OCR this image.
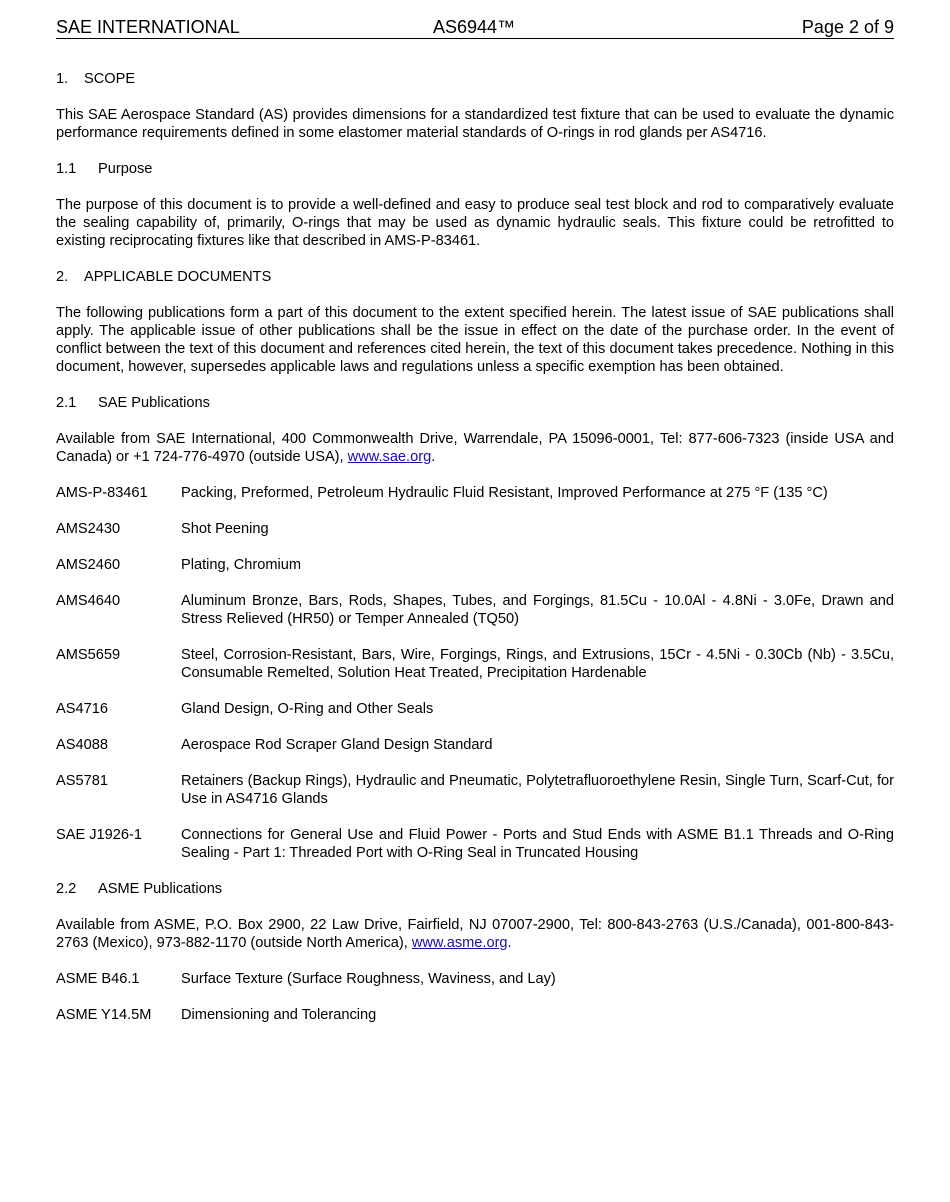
SAE INTERNATIONAL	AS6944™	Page 2 of 9
1. SCOPE

This SAE Aerospace Standard (AS) provides dimensions for a standardized test fixture that can be used to evaluate the dynamic performance requirements defined in some elastomer material standards of O-rings in rod glands per AS4716.

1.1 Purpose

The purpose of this document is to provide a well-defined and easy to produce seal test block and rod to comparatively evaluate the sealing capability of, primarily, O-rings that may be used as dynamic hydraulic seals. This fixture could be retrofitted to existing reciprocating fixtures like that described in AMS-P-83461.

2. APPLICABLE DOCUMENTS

The following publications form a part of this document to the extent specified herein. The latest issue of SAE publications shall apply. The applicable issue of other publications shall be the issue in effect on the date of the purchase order. In the event of conflict between the text of this document and references cited herein, the text of this document takes precedence. Nothing in this document, however, supersedes applicable laws and regulations unless a specific exemption has been obtained.

2.1 SAE Publications

Available from SAE International, 400 Commonwealth Drive, Warrendale, PA 15096-0001, Tel: 877-606-7323 (inside USA and Canada) or +1 724-776-4970 (outside USA), www.sae.org.

AMS-P-83461	Packing, Preformed, Petroleum Hydraulic Fluid Resistant, Improved Performance at 275 °F (135 °C)
AMS2430	Shot Peening
AMS2460	Plating, Chromium
AMS4640	Aluminum Bronze, Bars, Rods, Shapes, Tubes, and Forgings, 81.5Cu - 10.0Al - 4.8Ni - 3.0Fe, Drawn and Stress Relieved (HR50) or Temper Annealed (TQ50)
AMS5659	Steel, Corrosion-Resistant, Bars, Wire, Forgings, Rings, and Extrusions, 15Cr - 4.5Ni - 0.30Cb (Nb) - 3.5Cu, Consumable Remelted, Solution Heat Treated, Precipitation Hardenable
AS4716	Gland Design, O-Ring and Other Seals
AS4088	Aerospace Rod Scraper Gland Design Standard
AS5781	Retainers (Backup Rings), Hydraulic and Pneumatic, Polytetrafluoroethylene Resin, Single Turn, Scarf-Cut, for Use in AS4716 Glands
SAE J1926-1	Connections for General Use and Fluid Power - Ports and Stud Ends with ASME B1.1 Threads and O-Ring Sealing - Part 1: Threaded Port with O-Ring Seal in Truncated Housing
2.2 ASME Publications

Available from ASME, P.O. Box 2900, 22 Law Drive, Fairfield, NJ 07007-2900, Tel: 800-843-2763 (U.S./Canada), 001-800-843-2763 (Mexico), 973-882-1170 (outside North America), www.asme.org.

ASME B46.1	Surface Texture (Surface Roughness, Waviness, and Lay)
ASME Y14.5M	Dimensioning and Tolerancing
